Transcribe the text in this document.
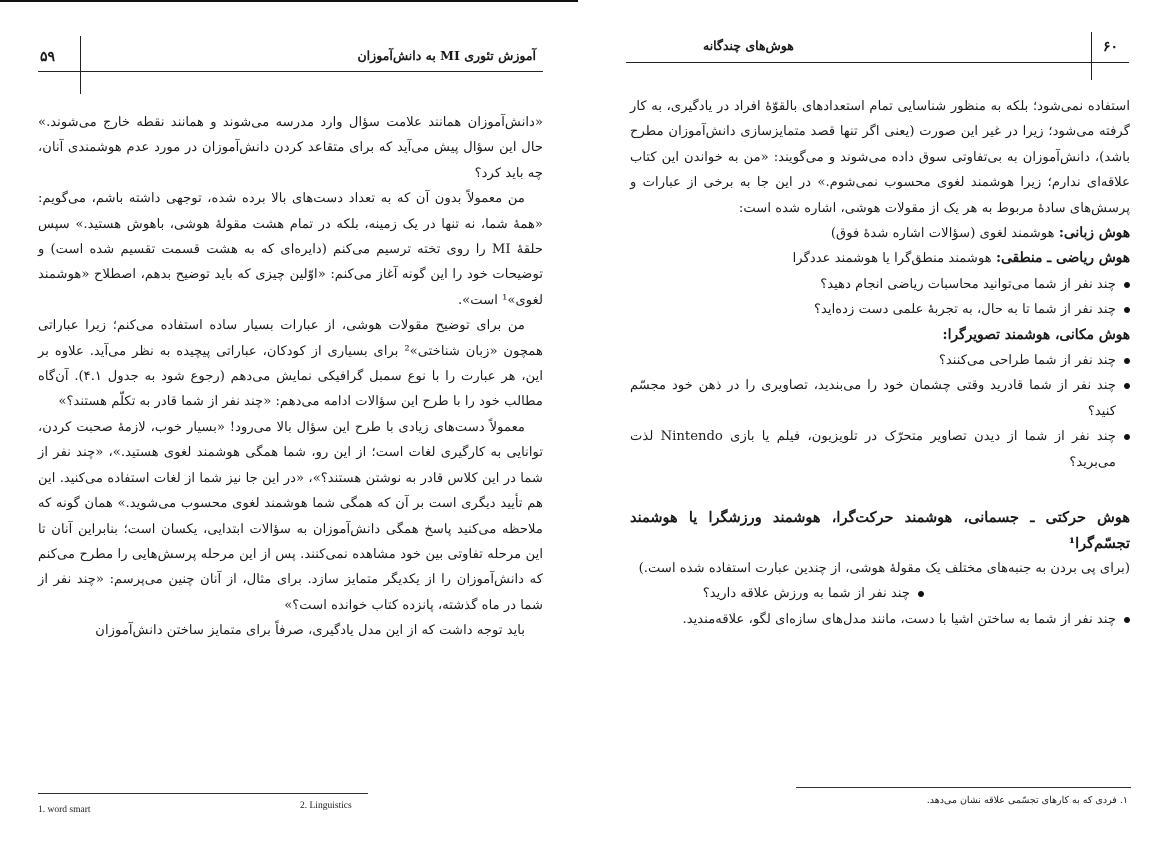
۵۹	آموزش تئوری MI به دانش‌آموزان

«دانش‌آموزان همانند علامت سؤال وارد مدرسه می‌شوند و همانند نقطه خارج می‌شوند.» حال این سؤال پیش می‌آید که برای متقاعد کردن دانش‌آموزان در مورد عدم هوشمندی آنان، چه باید کرد؟

من معمولاً بدون آن که به تعداد دست‌های بالا برده شده، توجهی داشته باشم، می‌گویم: «همهٔ شما، نه تنها در یک زمینه، بلکه در تمام هشت مقولهٔ هوشی، باهوش هستید.» سپس حلقهٔ MI را روی تخته ترسیم می‌کنم (دایره‌ای که به هشت قسمت تقسیم شده است) و توضیحات خود را این گونه آغاز می‌کنم: «اوّلین چیزی که باید توضیح بدهم، اصطلاح «هوشمند لغوی»¹ است».

من برای توضیح مقولات هوشی، از عبارات بسیار ساده استفاده می‌کنم؛ زیرا عباراتی همچون «زبان شناختی»² برای بسیاری از کودکان، عباراتی پیچیده به نظر می‌آید. علاوه بر این، هر عبارت را با نوع سمبل گرافیکی نمایش می‌دهم (رجوع شود به جدول ۴.۱). آن‌گاه مطالب خود را با طرح این سؤالات ادامه می‌دهم: «چند نفر از شما قادر به تکلّم هستند؟»

معمولاً دست‌های زیادی با طرح این سؤال بالا می‌رود! «بسیار خوب، لازمهٔ صحبت کردن، توانایی به کارگیری لغات است؛ از این رو، شما همگی هوشمند لغوی هستید.»، «چند نفر از شما در این کلاس قادر به نوشتن هستند؟»، «در این جا نیز شما از لغات استفاده می‌کنید. این هم تأیید دیگری است بر آن که همگی شما هوشمند لغوی محسوب می‌شوید.» همان گونه که ملاحظه می‌کنید پاسخ همگی دانش‌آموزان به سؤالات ابتدایی، یکسان است؛ بنابراین آنان تا این مرحله تفاوتی بین خود مشاهده نمی‌کنند. پس از این مرحله پرسش‌هایی را مطرح می‌کنم که دانش‌آموزان را از یکدیگر متمایز سازد. برای مثال، از آنان چنین می‌پرسم: «چند نفر از شما در ماه گذشته، پانزده کتاب خوانده است؟»

باید توجه داشت که از این مدل یادگیری، صرفاً برای متمایز ساختن دانش‌آموزان

1. word smart	2. Linguistics
۶۰
هوش‌های چندگانه

استفاده نمی‌شود؛ بلکه به منظور شناسایی تمام استعدادهای بالقوّهٔ افراد در یادگیری، به کار گرفته می‌شود؛ زیرا در غیر این صورت (یعنی اگر تنها قصد متمایزسازی دانش‌آموزان مطرح باشد)، دانش‌آموزان به بی‌تفاوتی سوق داده می‌شوند و می‌گویند: «من به خواندن این کتاب علاقه‌ای ندارم؛ زیرا هوشمند لغوی محسوب نمی‌شوم.» در این جا به برخی از عبارات و پرسش‌های سادهٔ مربوط به هر یک از مقولات هوشی، اشاره شده است:

هوش زبانی: هوشمند لغوی (سؤالات اشاره شدهٔ فوق)

هوش ریاضی ـ منطقی: هوشمند منطق‌گرا یا هوشمند عددگرا

چند نفر از شما می‌توانید محاسبات ریاضی انجام دهید؟
چند نفر از شما تا به حال، به تجربهٔ علمی دست زده‌اید؟

هوش مکانی، هوشمند تصویرگرا:

چند نفر از شما طراحی می‌کنند؟
چند نفر از شما قادرید وقتی چشمان خود را می‌بندید، تصاویری را در ذهن خود مجسّم کنید؟
چند نفر از شما از دیدن تصاویر متحرّک در تلویزیون، فیلم یا بازی Nintendo لذت می‌برید؟

هوش حرکتی ـ جسمانی، هوشمند حرکت‌گرا، هوشمند ورزشگرا یا هوشمند تجسّم‌گرا¹

(برای پی بردن به جنبه‌های مختلف یک مقولهٔ هوشی، از چندین عبارت استفاده شده است.)

چند نفر از شما به ورزش علاقه دارید؟
چند نفر از شما به ساختن اشیا با دست، مانند مدل‌های سازه‌ای لگو، علاقه‌مندید.
۱. فردی که به کارهای تجسّمی علاقه نشان می‌دهد.
